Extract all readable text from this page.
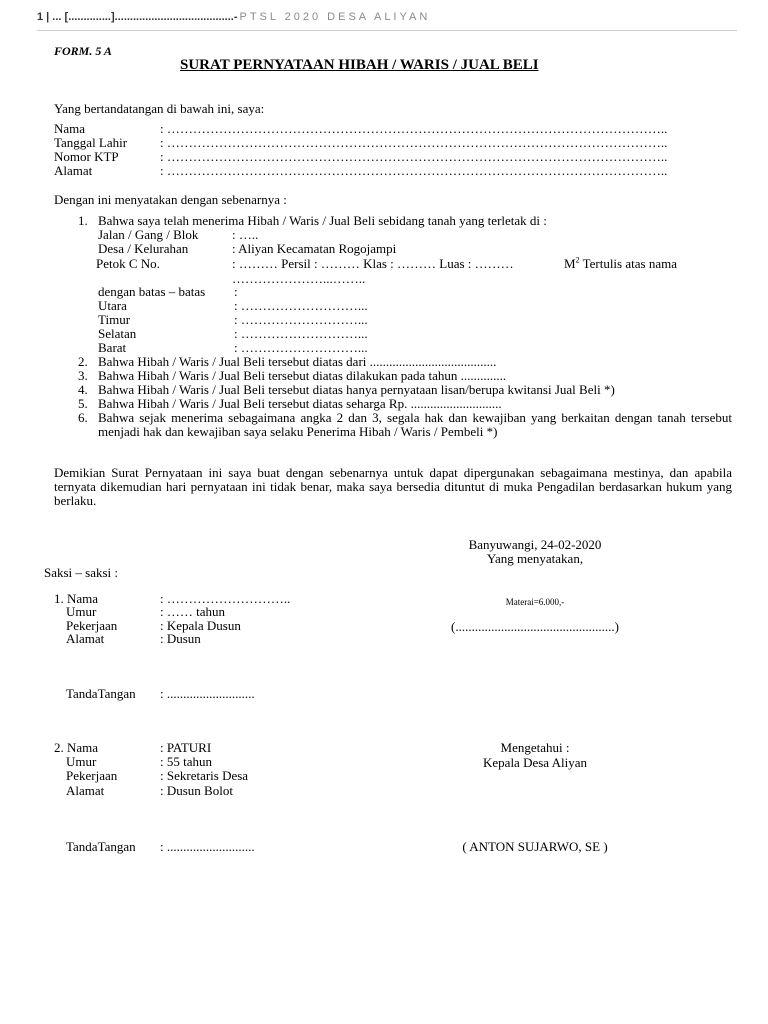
1 | ... [..............].......................................- PTSL 2020 DESA ALIYAN
FORM. 5 A
SURAT PERNYATAAN HIBAH / WARIS / JUAL BELI
Yang bertandatangan di bawah ini, saya:
Nama	: ……………………………………………………………………………………………………..
Tanggal Lahir	: ……………………………………………………………………………………………………..
Nomor KTP	: ……………………………………………………………………………………………………..
Alamat	: ……………………………………………………………………………………………………..
Dengan ini menyatakan dengan sebenarnya :
1. Bahwa saya telah menerima Hibah / Waris / Jual Beli sebidang tanah yang terletak di :
Jalan / Gang / Blok	: …..
Desa / Kelurahan	: Aliyan Kecamatan Rogojampi
Petok C No.	: ……… Persil : ……… Klas : ……… Luas : ………	$M^2$ Tertulis atas nama
…………………...……..
dengan batas – batas :
Utara	: ………………………...
Timur	: ………………………...
Selatan	: ………………………...
Barat	: ………………………...
2. Bahwa Hibah / Waris / Jual Beli tersebut diatas dari .......................................
3. Bahwa Hibah / Waris / Jual Beli tersebut diatas dilakukan pada tahun ..............
4. Bahwa Hibah / Waris / Jual Beli tersebut diatas hanya pernyataan lisan/berupa kwitansi Jual Beli *)
5. Bahwa Hibah / Waris / Jual Beli tersebut diatas seharga Rp. ............................
6. Bahwa sejak menerima sebagaimana angka 2 dan 3, segala hak dan kewajiban yang berkaitan dengan tanah tersebut menjadi hak dan kewajiban saya selaku Penerima Hibah / Waris / Pembeli *)
Demikian Surat Pernyataan ini saya buat dengan sebenarnya untuk dapat dipergunakan sebagaimana mestinya, dan apabila ternyata dikemudian hari pernyataan ini tidak benar, maka saya bersedia dituntut di muka Pengadilan berdasarkan hukum yang berlaku.
Banyuwangi, 24-02-2020
Yang menyatakan,
Saksi – saksi :
1. Nama	: ………………………..
Umur	: …… tahun
Pekerjaan	: Kepala Dusun
Alamat	: Dusun
Materai=6.000,-
(.................................................)
TandaTangan : ...........................
2. Nama	: PATURI
Umur	: 55 tahun
Pekerjaan	: Sekretaris Desa
Alamat	: Dusun Bolot
Mengetahui :
Kepala Desa Aliyan
TandaTangan : ...........................	( ANTON SUJARWO, SE )
